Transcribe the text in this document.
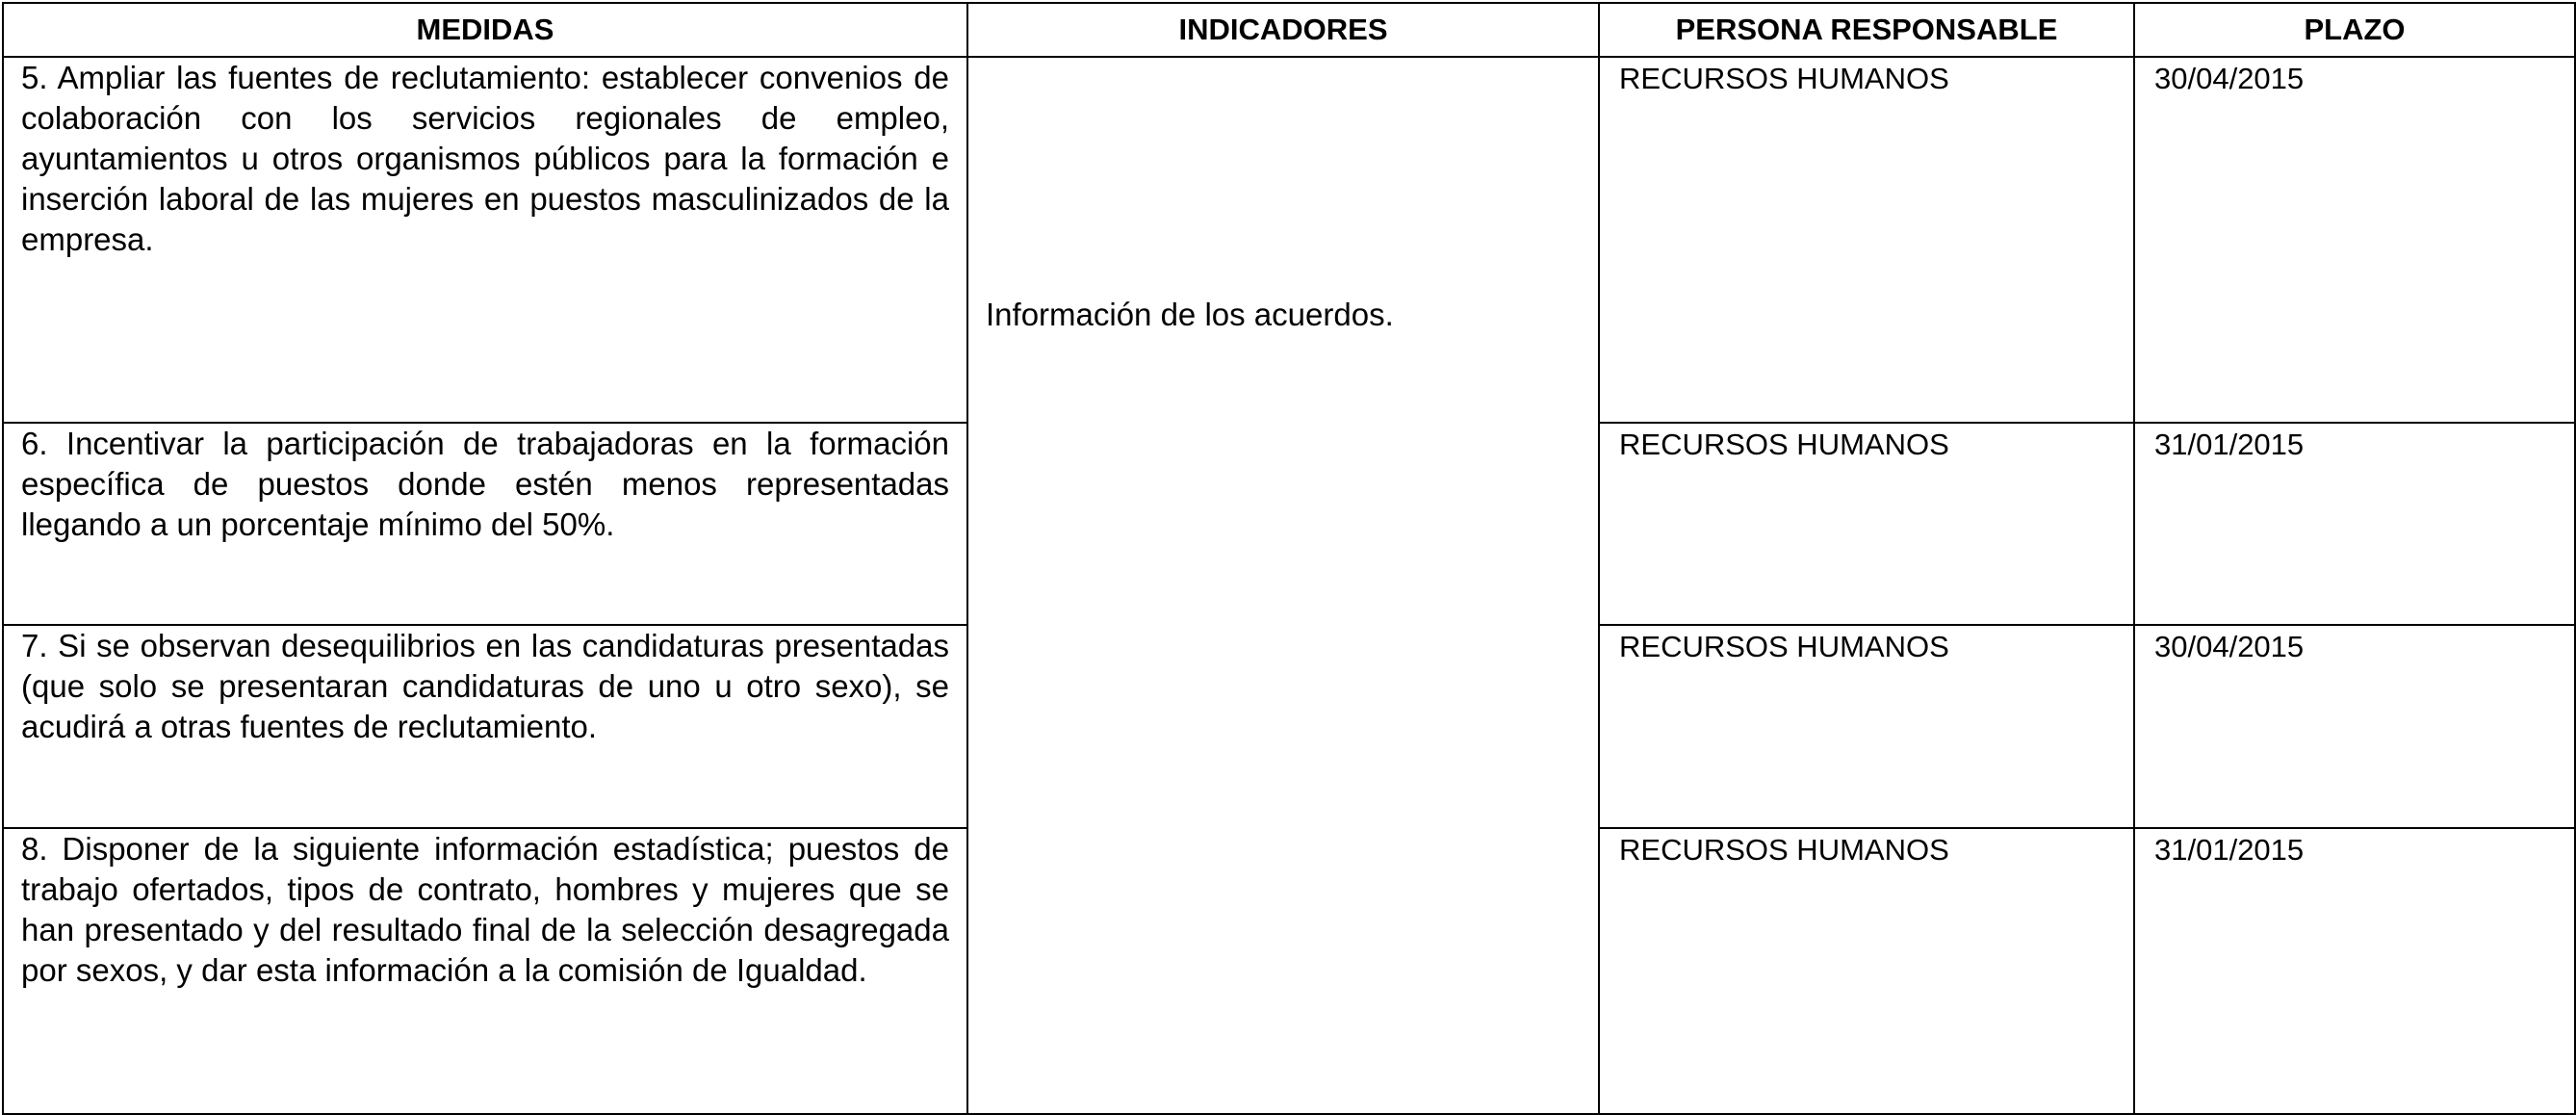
MEDIDAS	INDICADORES	PERSONA RESPONSABLE	PLAZO

5. Ampliar las fuentes de reclutamiento: establecer convenios de colaboración con los servicios regionales de empleo, ayuntamientos u otros organismos públicos para la formación e inserción laboral de las mujeres en puestos masculinizados de la empresa.	Información de los acuerdos.	RECURSOS HUMANOS	30/04/2015

6. Incentivar la participación de trabajadoras en la formación específica de puestos donde estén menos representadas llegando a un porcentaje mínimo del 50%.		RECURSOS HUMANOS	31/01/2015

7. Si se observan desequilibrios en las candidaturas presentadas (que solo se presentaran candidaturas de uno u otro sexo), se acudirá a otras fuentes de reclutamiento.		RECURSOS HUMANOS	30/04/2015

8. Disponer de la siguiente información estadística; puestos de trabajo ofertados, tipos de contrato, hombres y mujeres que se han presentado y del resultado final de la selección desagregada por sexos, y dar esta información a la comisión de Igualdad.		RECURSOS HUMANOS	31/01/2015
